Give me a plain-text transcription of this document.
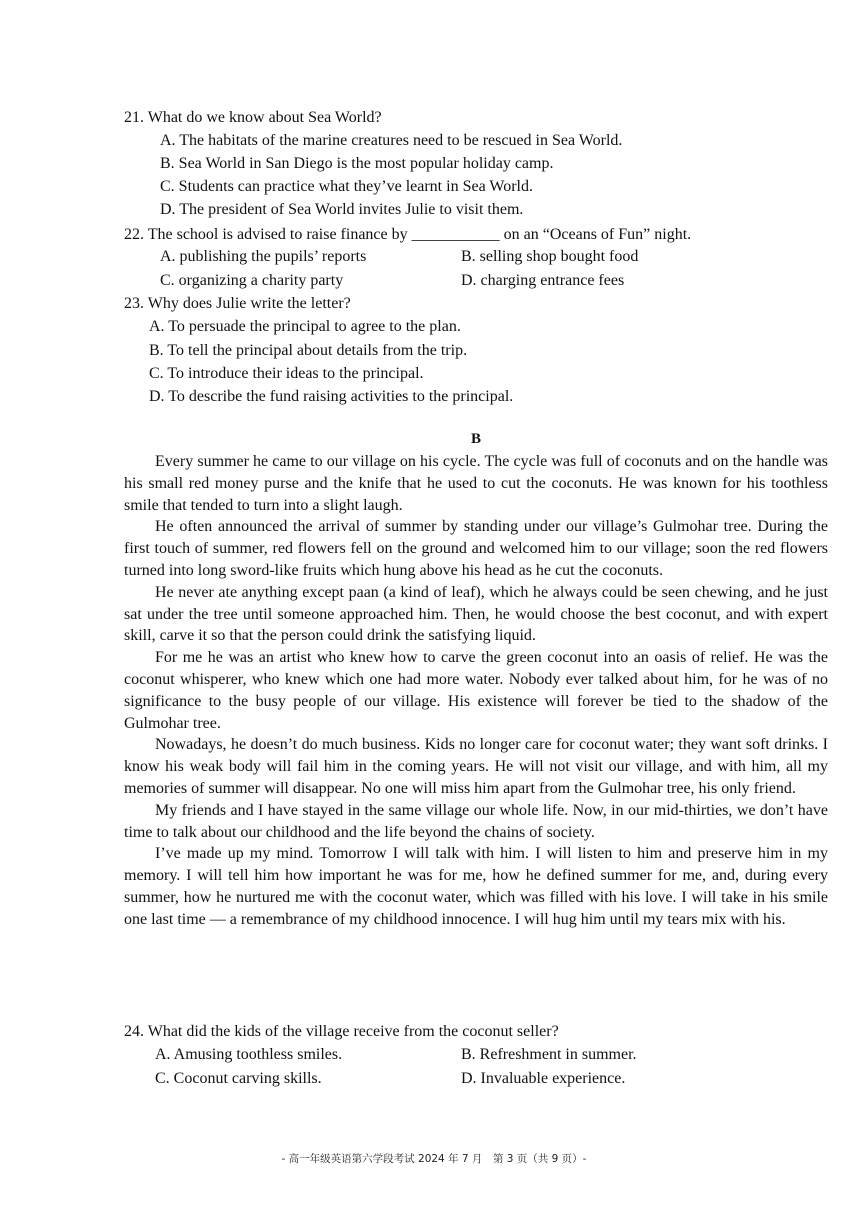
21. What do we know about Sea World?
A. The habitats of the marine creatures need to be rescued in Sea World.
B. Sea World in San Diego is the most popular holiday camp.
C. Students can practice what they’ve learnt in Sea World.
D. The president of Sea World invites Julie to visit them.
22. The school is advised to raise finance by ___________ on an “Oceans of Fun” night.
A. publishing the pupils’ reports	B. selling shop bought food
C. organizing a charity party	D. charging entrance fees
23. Why does Julie write the letter?
A. To persuade the principal to agree to the plan.
B. To tell the principal about details from the trip.
C. To introduce their ideas to the principal.
D. To describe the fund raising activities to the principal.
B

Every summer he came to our village on his cycle. The cycle was full of coconuts and on the handle was his small red money purse and the knife that he used to cut the coconuts. He was known for his toothless smile that tended to turn into a slight laugh.

He often announced the arrival of summer by standing under our village’s Gulmohar tree. During the first touch of summer, red flowers fell on the ground and welcomed him to our village; soon the red flowers turned into long sword-like fruits which hung above his head as he cut the coconuts.

He never ate anything except paan (a kind of leaf), which he always could be seen chewing, and he just sat under the tree until someone approached him. Then, he would choose the best coconut, and with expert skill, carve it so that the person could drink the satisfying liquid.

For me he was an artist who knew how to carve the green coconut into an oasis of relief. He was the coconut whisperer, who knew which one had more water. Nobody ever talked about him, for he was of no significance to the busy people of our village. His existence will forever be tied to the shadow of the Gulmohar tree.

Nowadays, he doesn’t do much business. Kids no longer care for coconut water; they want soft drinks. I know his weak body will fail him in the coming years. He will not visit our village, and with him, all my memories of summer will disappear. No one will miss him apart from the Gulmohar tree, his only friend.

My friends and I have stayed in the same village our whole life. Now, in our mid-thirties, we don’t have time to talk about our childhood and the life beyond the chains of society.

I’ve made up my mind. Tomorrow I will talk with him. I will listen to him and preserve him in my memory. I will tell him how important he was for me, how he defined summer for me, and, during every summer, how he nurtured me with the coconut water, which was filled with his love. I will take in his smile one last time — a remembrance of my childhood innocence. I will hug him until my tears mix with his.

24. What did the kids of the village receive from the coconut seller?
A. Amusing toothless smiles.	B. Refreshment in summer.
C. Coconut carving skills.	D. Invaluable experience.
- 高一年级英语第六学段考试 2024 年 7 月　第 3 页（共 9 页）-
